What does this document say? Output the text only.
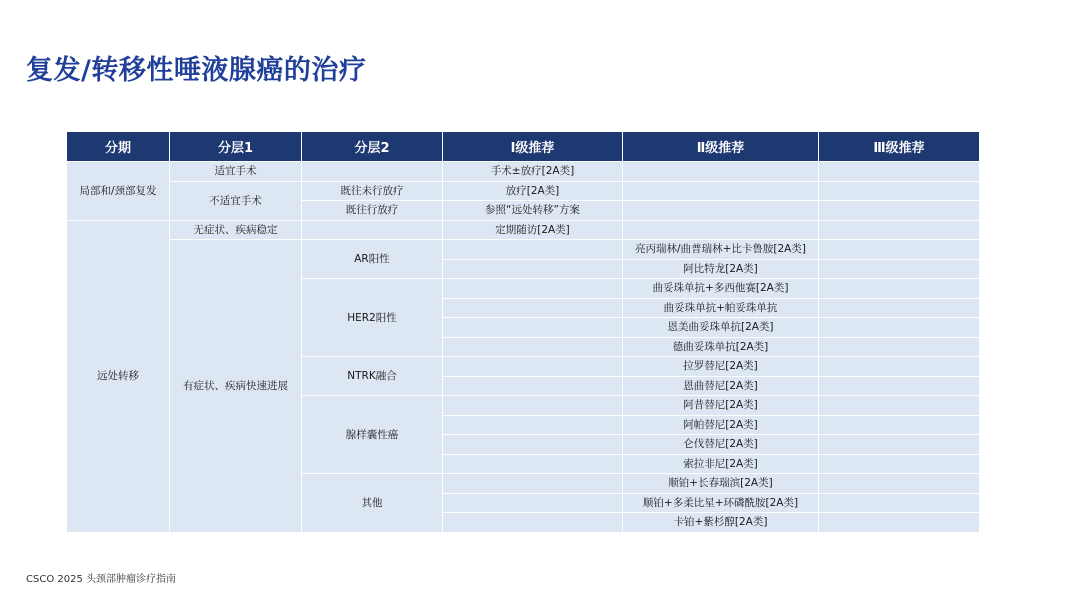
复发/转移性唾液腺癌的治疗
分期	分层1	分层2	Ⅰ级推荐	Ⅱ级推荐	Ⅲ级推荐
局部和/颈部复发	适宜手术		手术±放疗[2A类]		
	不适宜手术	既往未行放疗	放疗[2A类]		
		既往行放疗	参照“远处转移”方案		
远处转移	无症状、疾病稳定		定期随访[2A类]		
	有症状、疾病快速进展	AR阳性		亮丙瑞林/曲普瑞林+比卡鲁胺[2A类]	
				阿比特龙[2A类]	
		HER2阳性		曲妥珠单抗+多西他赛[2A类]	
				曲妥珠单抗+帕妥珠单抗	
				恩美曲妥珠单抗[2A类]	
				德曲妥珠单抗[2A类]	
		NTRK融合		拉罗替尼[2A类]	
				恩曲替尼[2A类]	
		腺样囊性癌		阿昔替尼[2A类]	
				阿帕替尼[2A类]	
				仑伐替尼[2A类]	
				索拉非尼[2A类]	
		其他		顺铂+长春瑞滨[2A类]	
				顺铂+多柔比星+环磷酰胺[2A类]	
				卡铂+紫杉醇[2A类]	
CSCO 2025 头颈部肿瘤诊疗指南
